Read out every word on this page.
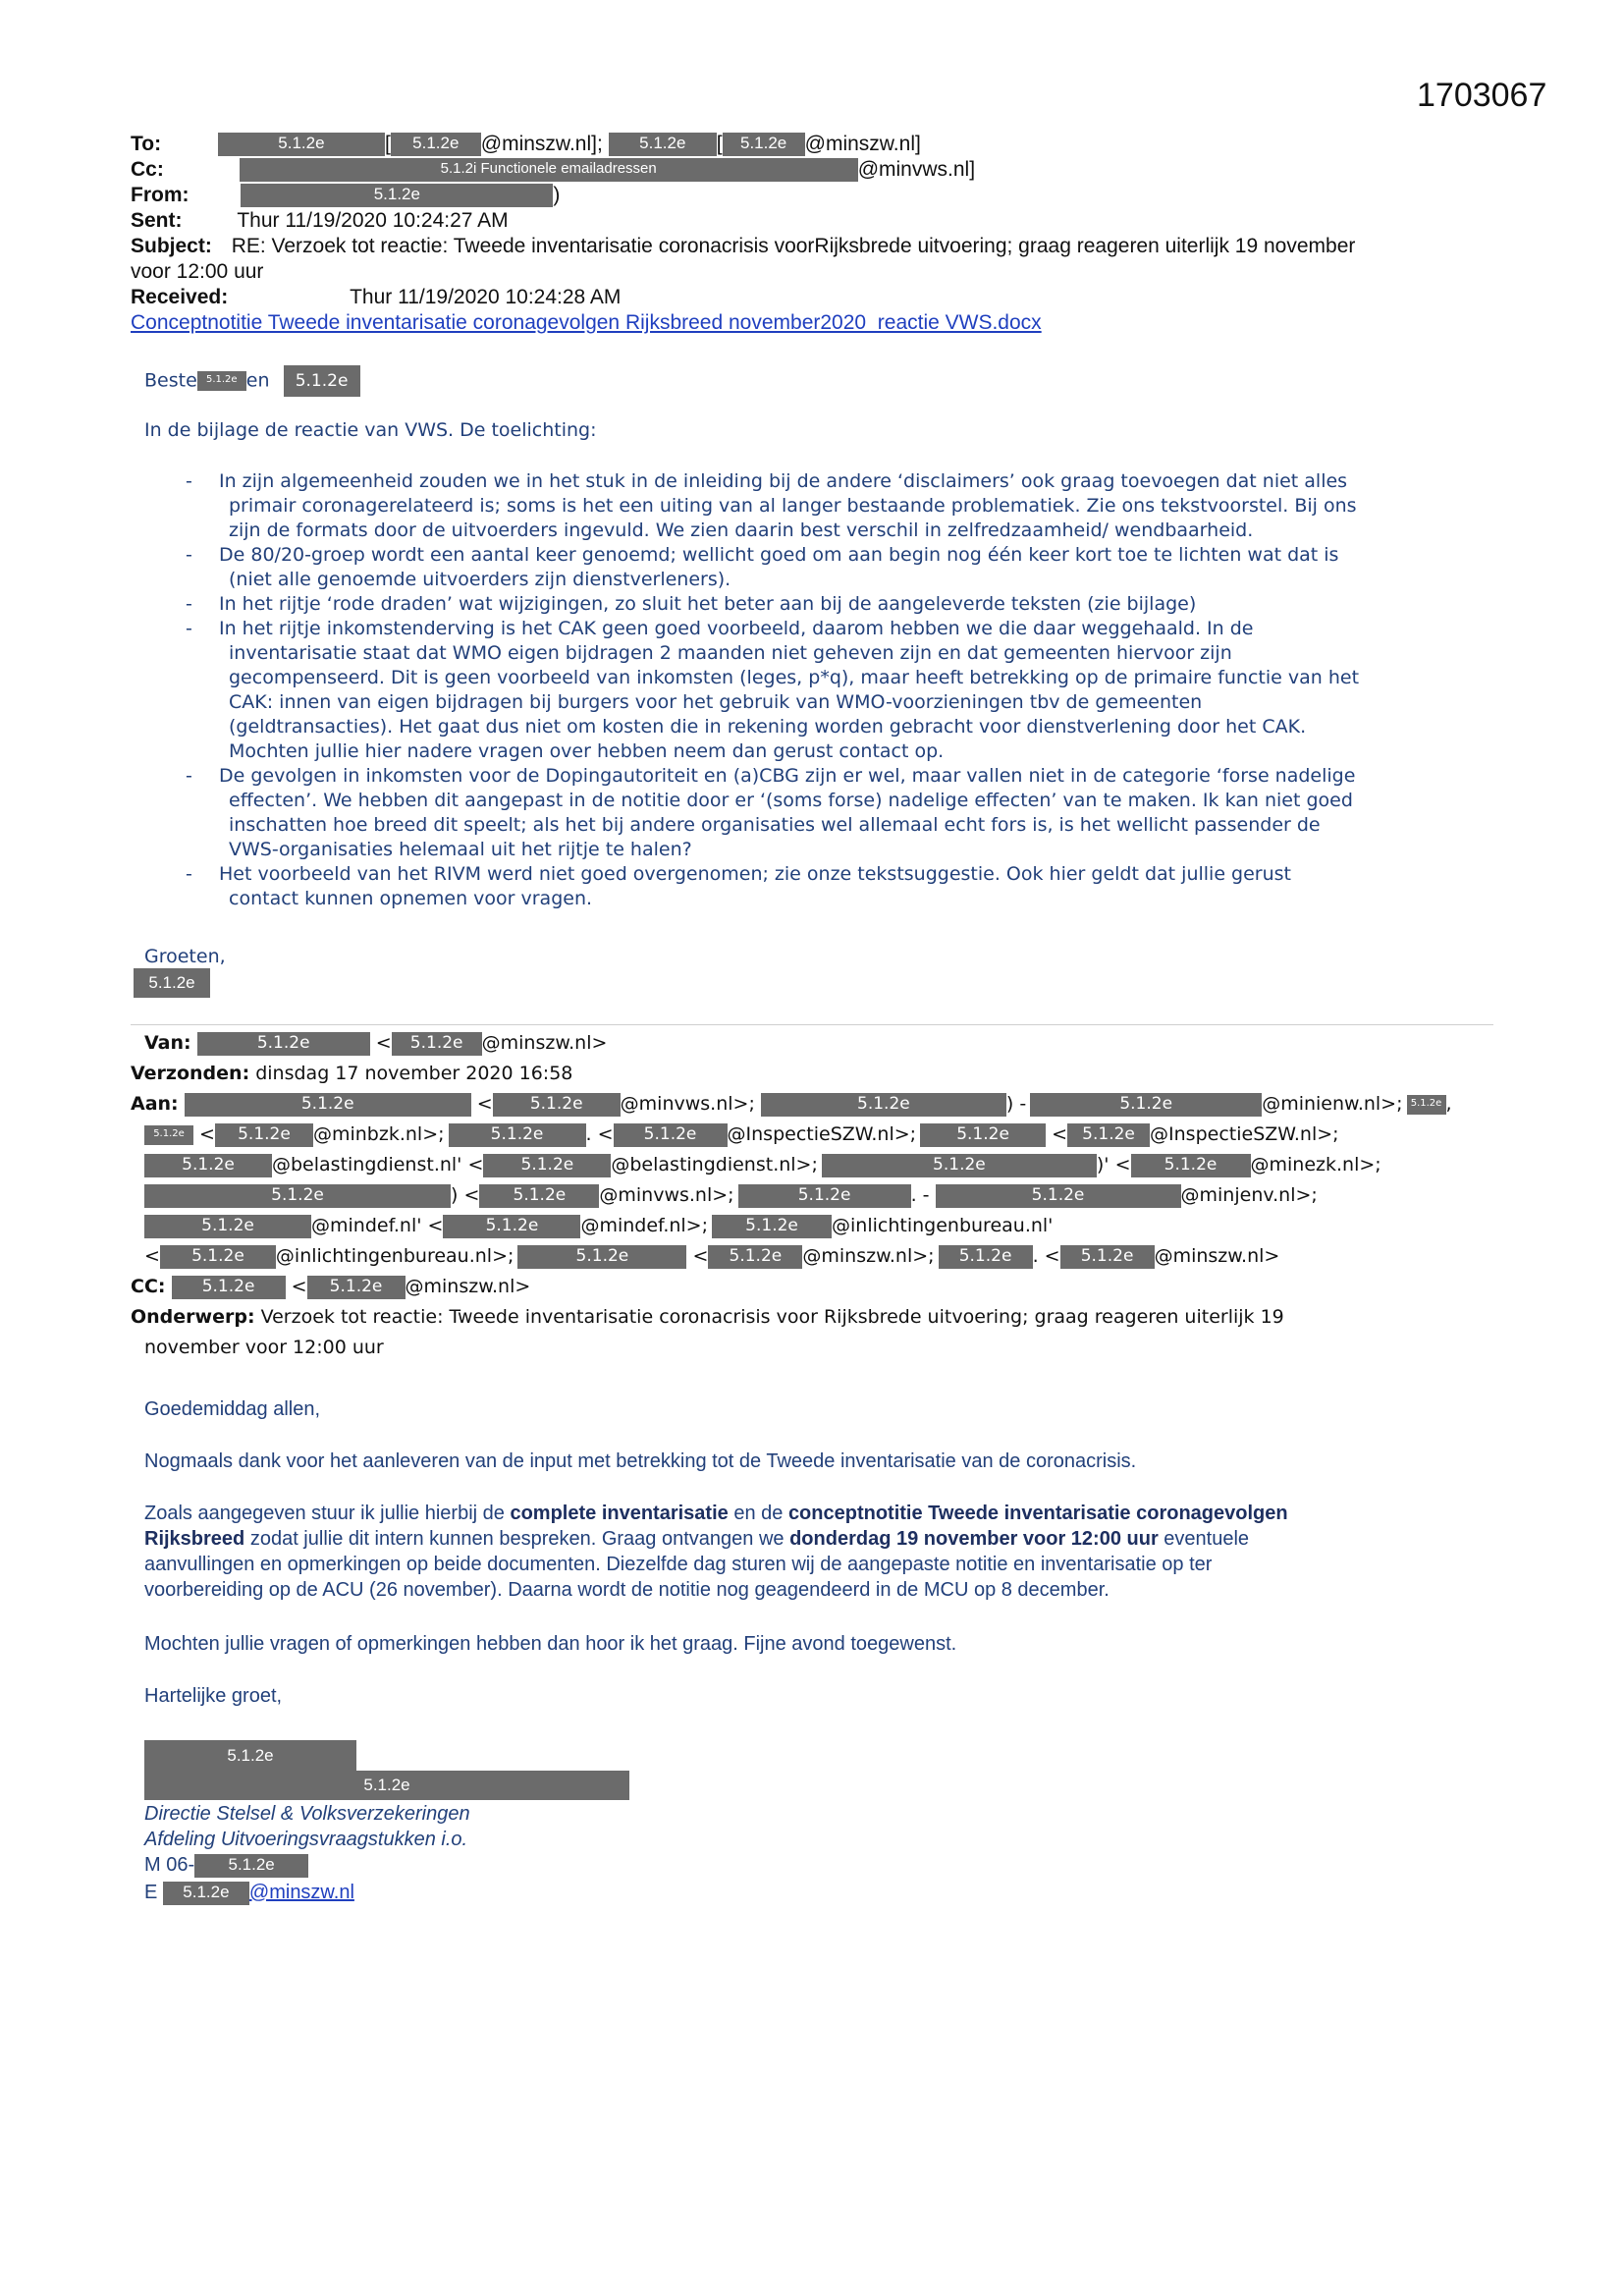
1703067
To:	5.1.2e	[ 5.1.2e @minszw.nl]; 5.1.2e [ 5.1.2e @minszw.nl]
Cc:	5.1.2i Functionele emailadressen	@minvws.nl]
From:	5.1.2e	)
Sent:	Thur 11/19/2020 10:24:27 AM
Subject: RE: Verzoek tot reactie: Tweede inventarisatie coronacrisis voorRijksbrede uitvoering; graag reageren uiterlijk 19 november
voor 12:00 uur
Received:	Thur 11/19/2020 10:24:28 AM
Conceptnotitie Tweede inventarisatie coronagevolgen Rijksbreed november2020_reactie VWS.docx
Beste 5.1.2e en 5.1.2e
In de bijlage de reactie van VWS. De toelichting:
- In zijn algemeenheid zouden we in het stuk in de inleiding bij de andere ‘disclaimers’ ook graag toevoegen dat niet alles
primair coronagerelateerd is; soms is het een uiting van al langer bestaande problematiek. Zie ons tekstvoorstel. Bij ons
zijn de formats door de uitvoerders ingevuld. We zien daarin best verschil in zelfredzaamheid/ wendbaarheid.
- De 80/20-groep wordt een aantal keer genoemd; wellicht goed om aan begin nog één keer kort toe te lichten wat dat is
(niet alle genoemde uitvoerders zijn dienstverleners).
- In het rijtje ‘rode draden’ wat wijzigingen, zo sluit het beter aan bij de aangeleverde teksten (zie bijlage)
- In het rijtje inkomstenderving is het CAK geen goed voorbeeld, daarom hebben we die daar weggehaald. In de
inventarisatie staat dat WMO eigen bijdragen 2 maanden niet geheven zijn en dat gemeenten hiervoor zijn
gecompenseerd. Dit is geen voorbeeld van inkomsten (leges, p*q), maar heeft betrekking op de primaire functie van het
CAK: innen van eigen bijdragen bij burgers voor het gebruik van WMO-voorzieningen tbv de gemeenten
(geldtransacties). Het gaat dus niet om kosten die in rekening worden gebracht voor dienstverlening door het CAK.
Mochten jullie hier nadere vragen over hebben neem dan gerust contact op.
- De gevolgen in inkomsten voor de Dopingautoriteit en (a)CBG zijn er wel, maar vallen niet in de categorie ‘forse nadelige
effecten’. We hebben dit aangepast in de notitie door er ‘(soms forse) nadelige effecten’ van te maken. Ik kan niet goed
inschatten hoe breed dit speelt; als het bij andere organisaties wel allemaal echt fors is, is het wellicht passender de
VWS-organisaties helemaal uit het rijtje te halen?
- Het voorbeeld van het RIVM werd niet goed overgenomen; zie onze tekstsuggestie. Ook hier geldt dat jullie gerust
contact kunnen opnemen voor vragen.
Groeten,
5.1.2e
Van:	5.1.2e	< 5.1.2e @minszw.nl>
Verzonden: dinsdag 17 november 2020 16:58
Aan:	5.1.2e	< 5.1.2e @minvws.nl>;	5.1.2e	) -	5.1.2e	@minienw.nl>; 5.1.2e ,
5.1.2e < 5.1.2e @minbzk.nl>;	5.1.2e . < 5.1.2e @InspectieSZW.nl>; 5.1.2e < 5.1.2e @InspectieSZW.nl>;
5.1.2e @belastingdienst.nl' < 5.1.2e @belastingdienst.nl>;	5.1.2e	)' < 5.1.2e @minezk.nl>;
5.1.2e	) < 5.1.2e @minvws.nl>;	5.1.2e	. -	5.1.2e	@minjenv.nl>;
5.1.2e	@mindef.nl' <	5.1.2e @mindef.nl>; 5.1.2e @inlichtingenbureau.nl'
< 5.1.2e @inlichtingenbureau.nl>;	5.1.2e	< 5.1.2e @minszw.nl>; 5.1.2e . < 5.1.2e @minszw.nl>
CC: 5.1.2e < 5.1.2e @minszw.nl>
Onderwerp: Verzoek tot reactie: Tweede inventarisatie coronacrisis voor Rijksbrede uitvoering; graag reageren uiterlijk 19
november voor 12:00 uur
Goedemiddag allen,
Nogmaals dank voor het aanleveren van de input met betrekking tot de Tweede inventarisatie van de coronacrisis.
Zoals aangegeven stuur ik jullie hierbij de complete inventarisatie en de conceptnotitie Tweede inventarisatie coronagevolgen
Rijksbreed zodat jullie dit intern kunnen bespreken. Graag ontvangen we donderdag 19 november voor 12:00 uur eventuele
aanvullingen en opmerkingen op beide documenten. Diezelfde dag sturen wij de aangepaste notitie en inventarisatie op ter
voorbereiding op de ACU (26 november). Daarna wordt de notitie nog geagendeerd in de MCU op 8 december.
Mochten jullie vragen of opmerkingen hebben dan hoor ik het graag. Fijne avond toegewenst.
Hartelijke groet,
5.1.2e
5.1.2e
Directie Stelsel & Volksverzekeringen
Afdeling Uitvoeringsvraagstukken i.o.
M 06- 5.1.2e
E 5.1.2e @minszw.nl
